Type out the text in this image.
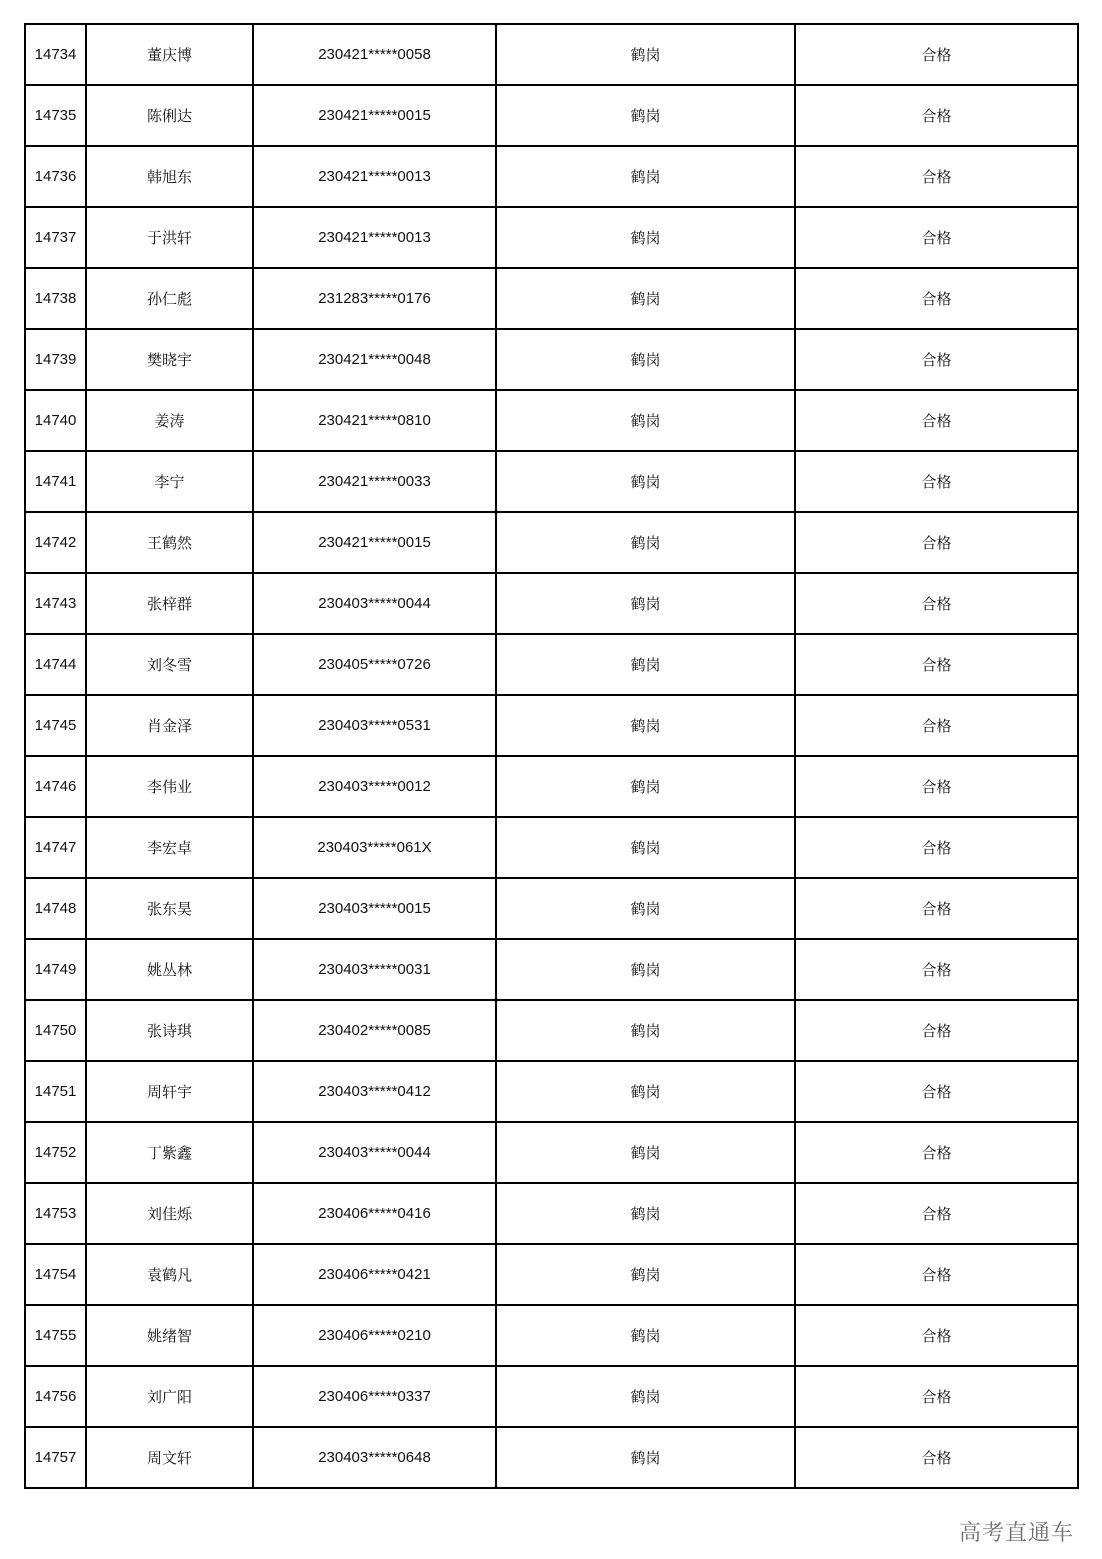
14734	董庆博	230421*****0058	鹤岗	合格
14735	陈俐达	230421*****0015	鹤岗	合格
14736	韩旭东	230421*****0013	鹤岗	合格
14737	于洪轩	230421*****0013	鹤岗	合格
14738	孙仁彪	231283*****0176	鹤岗	合格
14739	樊晓宇	230421*****0048	鹤岗	合格
14740	姜涛	230421*****0810	鹤岗	合格
14741	李宁	230421*****0033	鹤岗	合格
14742	王鹤然	230421*****0015	鹤岗	合格
14743	张梓群	230403*****0044	鹤岗	合格
14744	刘冬雪	230405*****0726	鹤岗	合格
14745	肖金泽	230403*****0531	鹤岗	合格
14746	李伟业	230403*****0012	鹤岗	合格
14747	李宏卓	230403*****061X	鹤岗	合格
14748	张东昊	230403*****0015	鹤岗	合格
14749	姚丛林	230403*****0031	鹤岗	合格
14750	张诗琪	230402*****0085	鹤岗	合格
14751	周轩宇	230403*****0412	鹤岗	合格
14752	丁紫鑫	230403*****0044	鹤岗	合格
14753	刘佳烁	230406*****0416	鹤岗	合格
14754	袁鹤凡	230406*****0421	鹤岗	合格
14755	姚绪智	230406*****0210	鹤岗	合格
14756	刘广阳	230406*****0337	鹤岗	合格
14757	周文轩	230403*****0648	鹤岗	合格
高考直通车
